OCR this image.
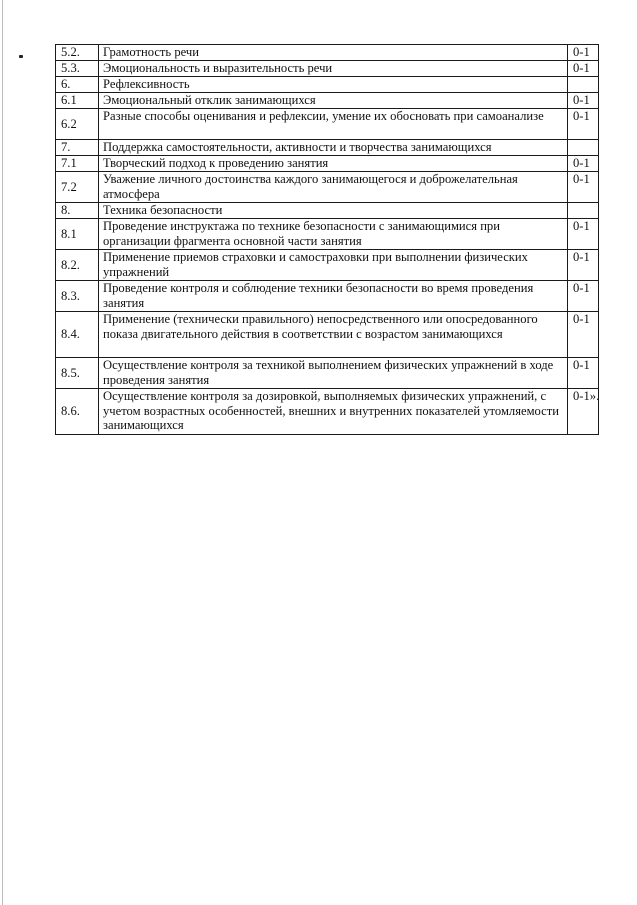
5.2.	Грамотность речи	0-1
5.3.	Эмоциональность и выразительность речи	0-1
6.	Рефлексивность	
6.1	Эмоциональный отклик занимающихся	0-1
6.2	Разные способы оценивания и рефлексии, умение их обосновать при самоанализе	0-1
7.	Поддержка самостоятельности, активности и творчества занимающихся	
7.1	Творческий подход к проведению занятия	0-1
7.2	Уважение личного достоинства каждого занимающегося и доброжелательная атмосфера	0-1
8.	Техника безопасности	
8.1	Проведение инструктажа по технике безопасности с занимающимися при организации фрагмента основной части занятия	0-1
8.2.	Применение приемов страховки и самостраховки при выполнении физических упражнений	0-1
8.3.	Проведение контроля и соблюдение техники безопасности во время проведения занятия	0-1
8.4.	Применение (технически правильного) непосредственного или опосредованного показа двигательного действия в соответствии с возрастом занимающихся	0-1
8.5.	Осуществление контроля за техникой выполнением физических упражнений в ходе проведения занятия	0-1
8.6.	Осуществление контроля за дозировкой, выполняемых физических упражнений, с учетом возрастных особенностей, внешних и внутренних показателей утомляемости занимающихся	0-1».
